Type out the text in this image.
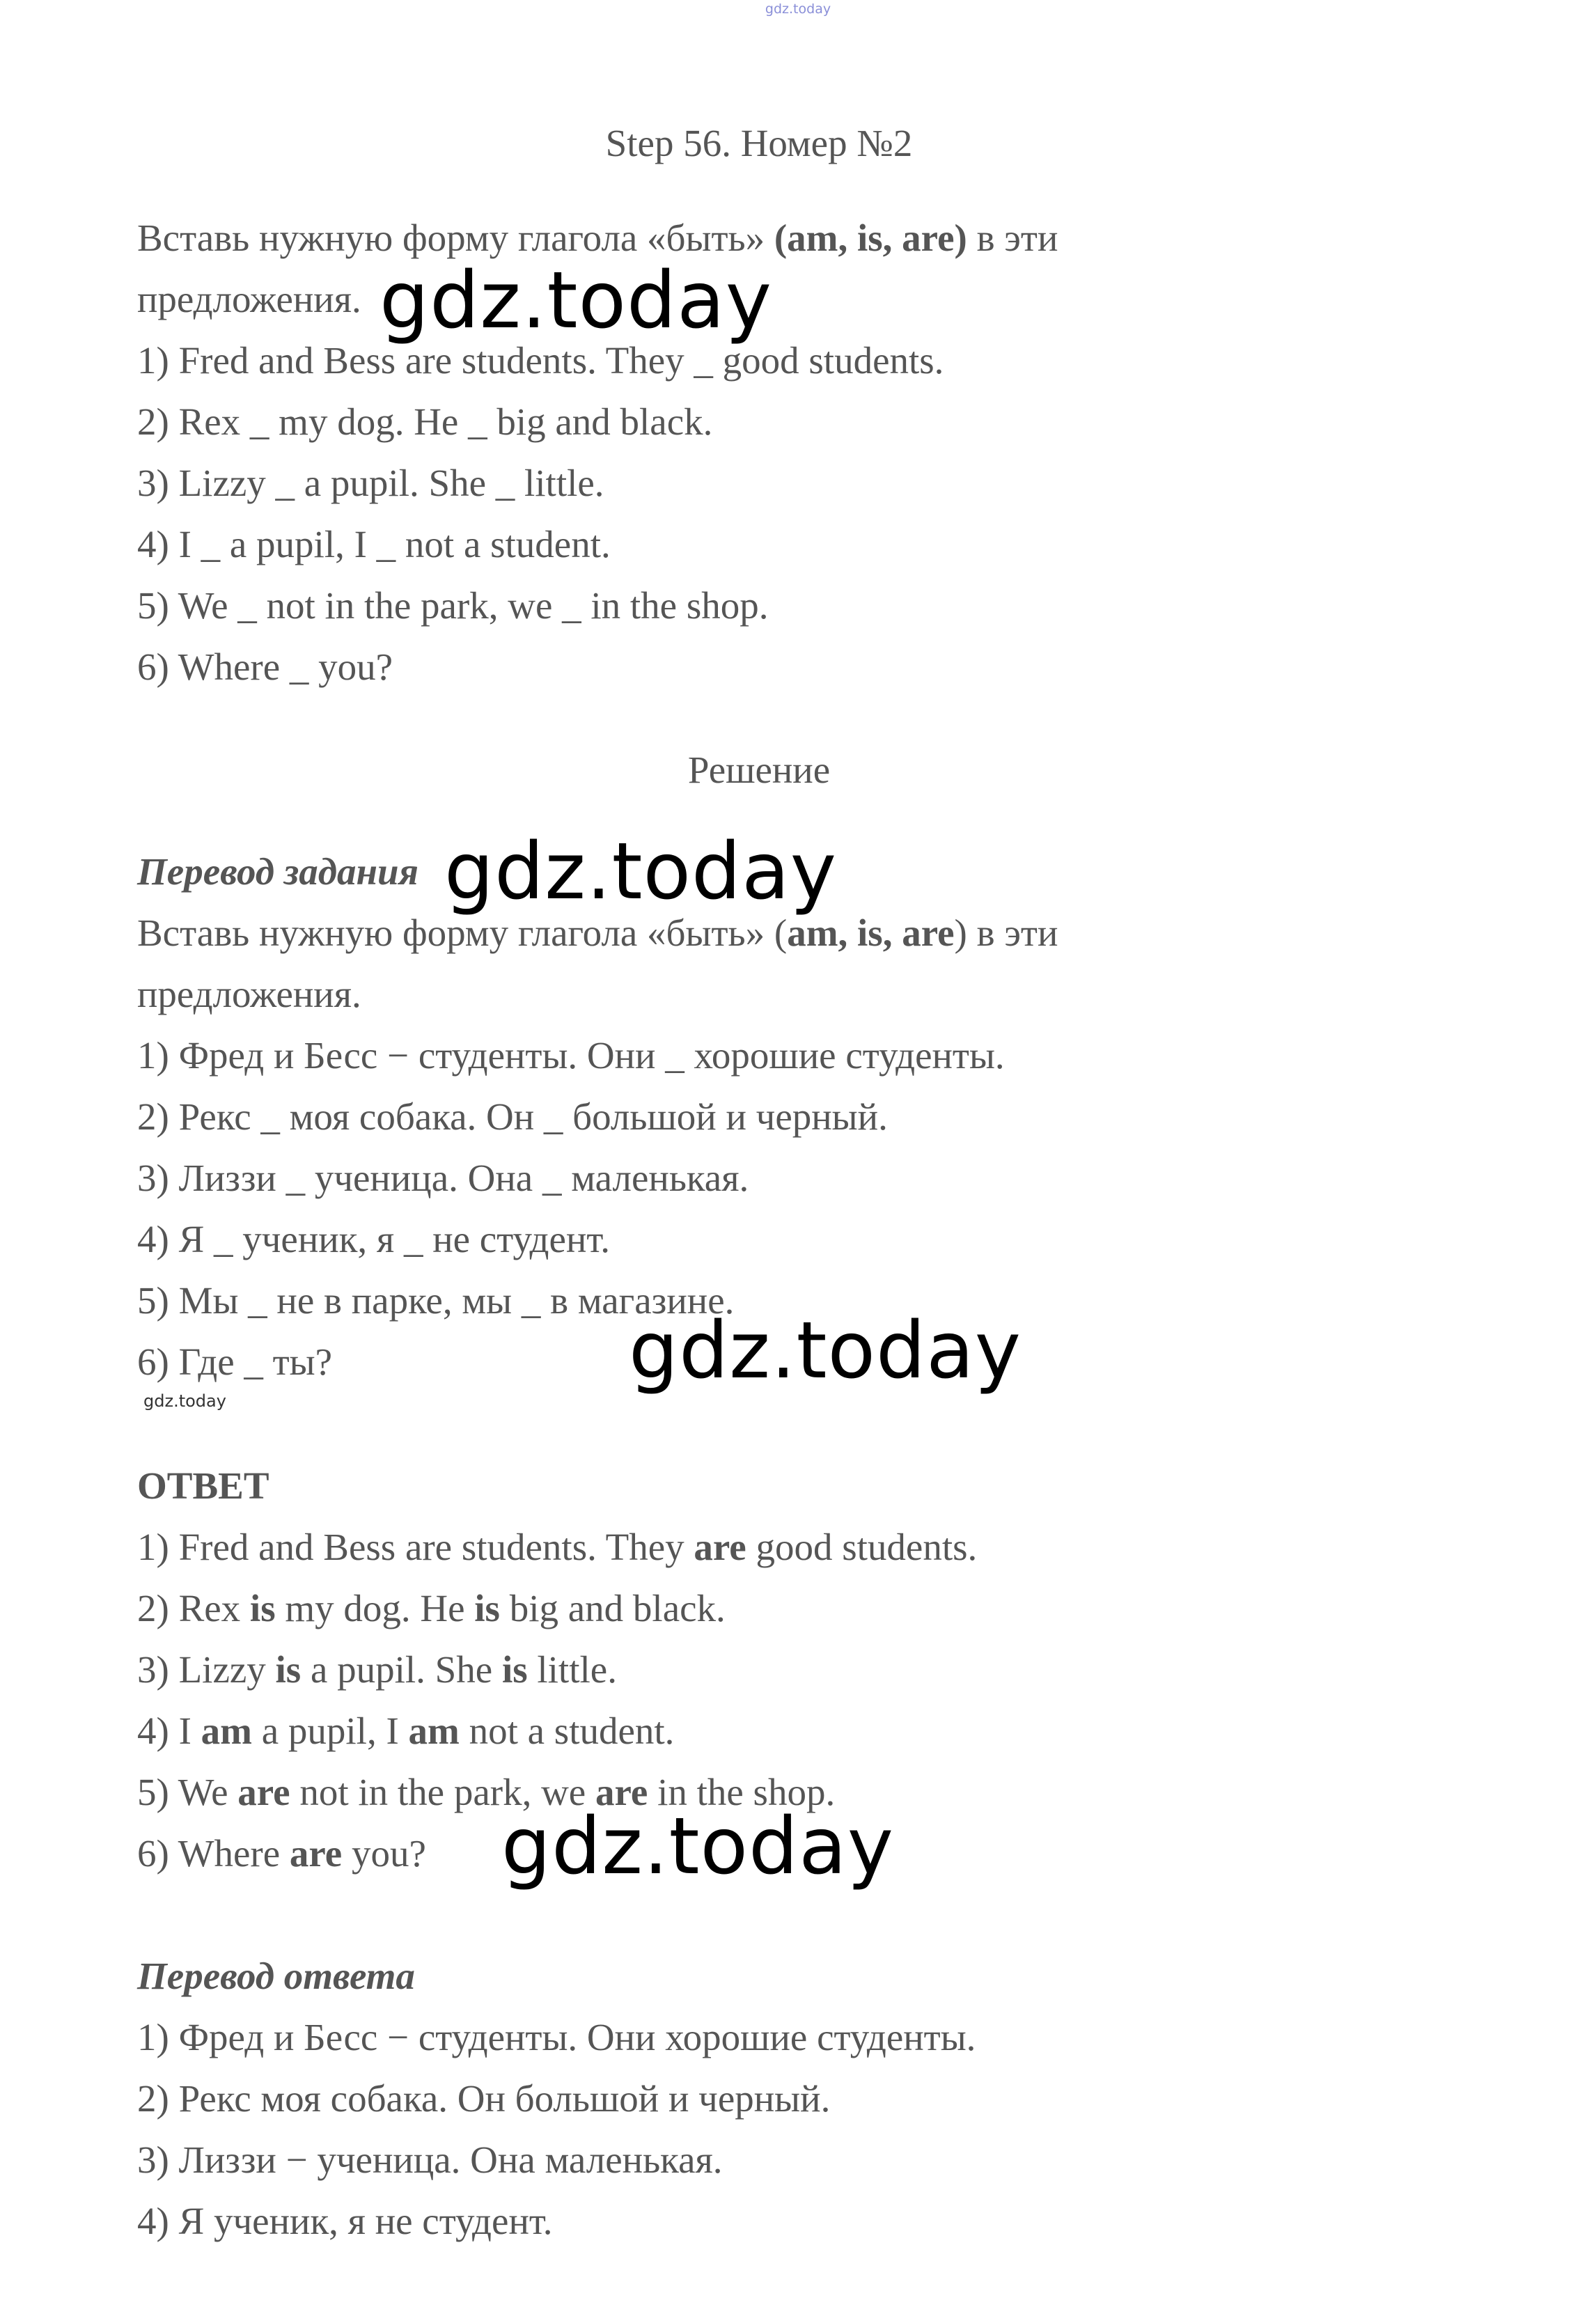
gdz.today
Step 56. Номер №2
Вставь нужную форму глагола «быть» (am, is, are) в эти
предложения. gdz.today
1) Fred and Bess are students. They _ good students.
2) Rex _ my dog. He _ big and black.
3) Lizzy _ a pupil. She _ little.
4) I _ a pupil, I _ not a student.
5) We _ not in the park, we _ in the shop.
6) Where _ you?
Решение
Перевод задания gdz.today
Вставь нужную форму глагола «быть» (am, is, are) в эти
предложения.
1) Фред и Бесс − студенты. Они _ хорошие студенты.
2) Рекс _ моя собака. Он _ большой и черный.
3) Лиззи _ ученица. Она _ маленькая.
4) Я _ ученик, я _ не студент.
5) Мы _ не в парке, мы _ в магазине.
6) Где _ ты?	gdz.today
gdz.today
ОТВЕТ
1) Fred and Bess are students. They are good students.
2) Rex is my dog. He is big and black.
3) Lizzy is a pupil. She is little.
4) I am a pupil, I am not a student.
5) We are not in the park, we are in the shop.
6) Where are you? gdz.today
Перевод ответа
1) Фред и Бесс − студенты. Они хорошие студенты.
2) Рекс моя собака. Он большой и черный.
3) Лиззи − ученица. Она маленькая.
4) Я ученик, я не студент.
